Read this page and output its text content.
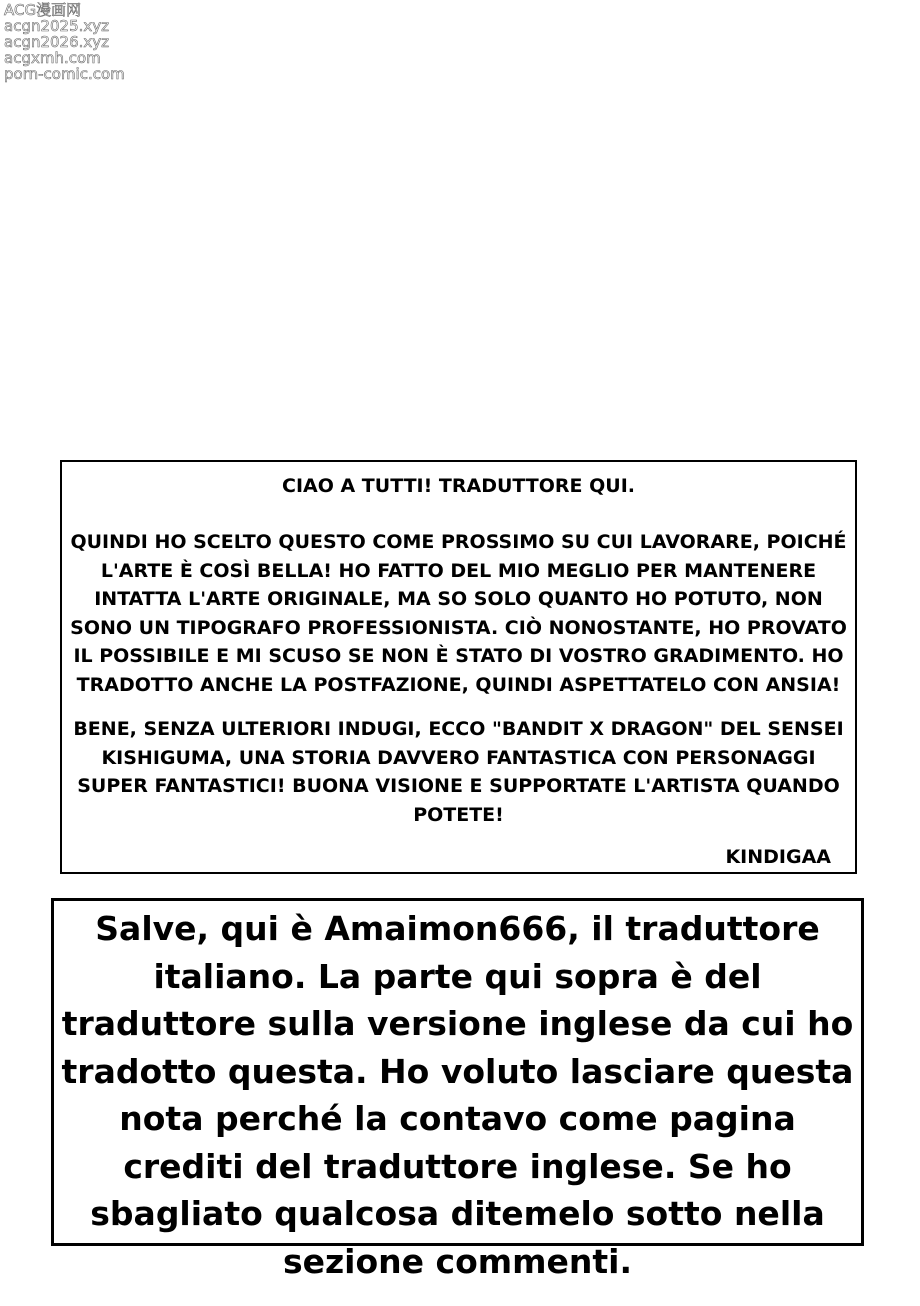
ACG漫画网
acgn2025.xyz
acgn2026.xyz
acgxmh.com
porn-comic.com
CIAO A TUTTI! TRADUTTORE QUI.
QUINDI HO SCELTO QUESTO COME PROSSIMO SU CUI LAVORARE, POICHÉ L'ARTE È COSÌ BELLA! HO FATTO DEL MIO MEGLIO PER MANTENERE INTATTA L'ARTE ORIGINALE, MA SO SOLO QUANTO HO POTUTO, NON SONO UN TIPOGRAFO PROFESSIONISTA. CIÒ NONOSTANTE, HO PROVATO IL POSSIBILE E MI SCUSO SE NON È STATO DI VOSTRO GRADIMENTO. HO TRADOTTO ANCHE LA POSTFAZIONE, QUINDI ASPETTATELO CON ANSIA!
BENE, SENZA ULTERIORI INDUGI, ECCO "BANDIT X DRAGON" DEL SENSEI KISHIGUMA, UNA STORIA DAVVERO FANTASTICA CON PERSONAGGI SUPER FANTASTICI! BUONA VISIONE E SUPPORTATE L'ARTISTA QUANDO POTETE!
KINDIGAA
Salve, qui è Amaimon666, il traduttore italiano. La parte qui sopra è del traduttore sulla versione inglese da cui ho tradotto questa. Ho voluto lasciare questa nota perché la contavo come pagina crediti del traduttore inglese. Se ho sbagliato qualcosa ditemelo sotto nella sezione commenti.
